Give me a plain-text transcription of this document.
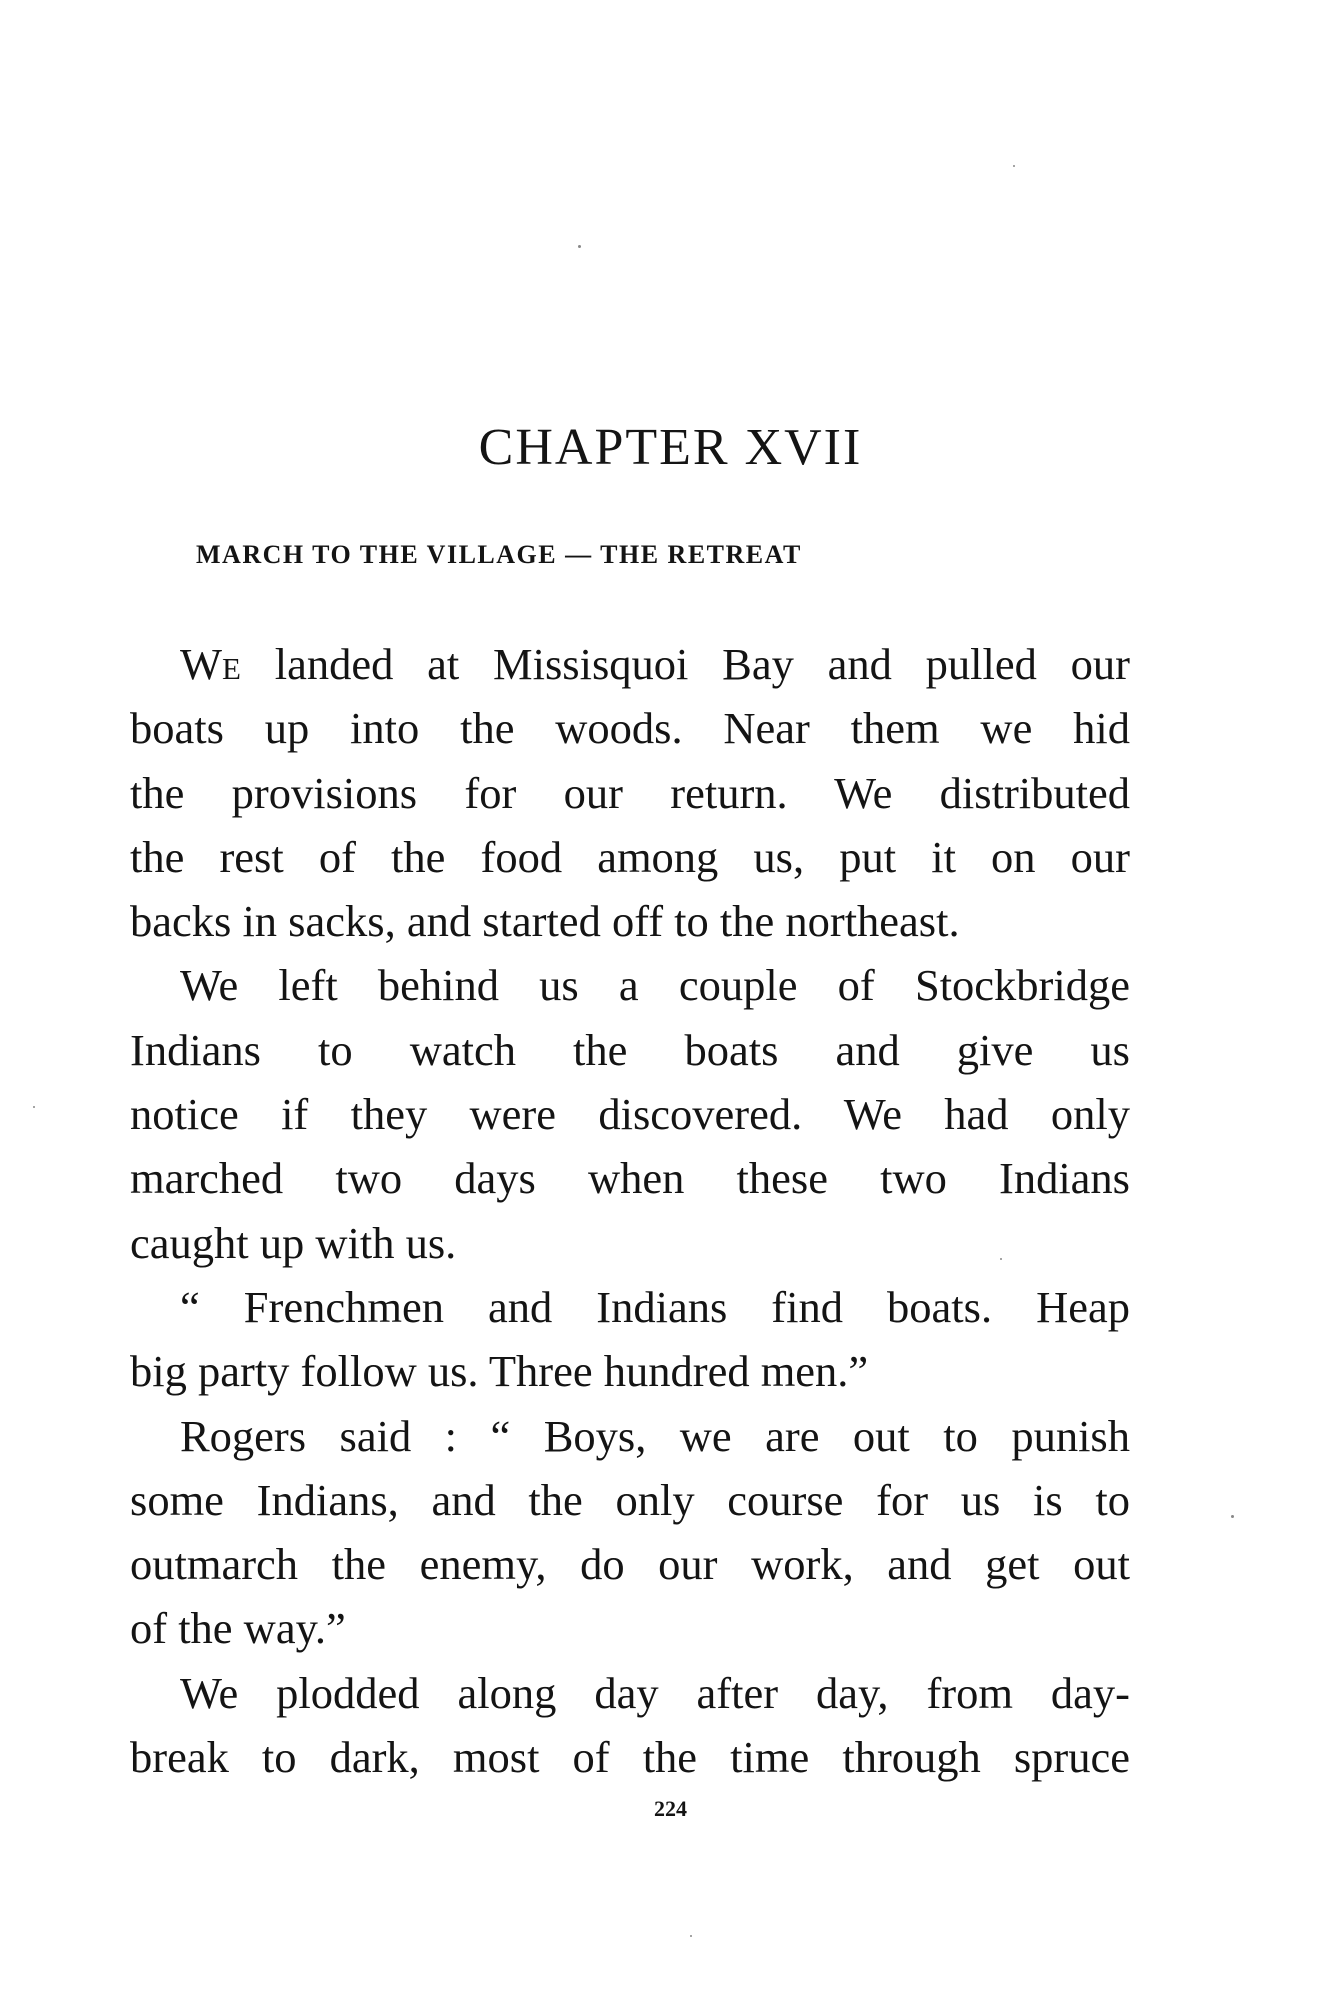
CHAPTER XVII
MARCH TO THE VILLAGE — THE RETREAT
We landed at Missisquoi Bay and pulled our
boats up into the woods. Near them we hid
the provisions for our return. We distributed
the rest of the food among us, put it on our
backs in sacks, and started off to the northeast.
We left behind us a couple of Stockbridge
Indians to watch the boats and give us
notice if they were discovered. We had only
marched two days when these two Indians
caught up with us.
“ Frenchmen and Indians find boats. Heap
big party follow us. Three hundred men.”
Rogers said : “ Boys, we are out to punish
some Indians, and the only course for us is to
outmarch the enemy, do our work, and get out
of the way.”
We plodded along day after day, from day-
break to dark, most of the time through spruce
224
